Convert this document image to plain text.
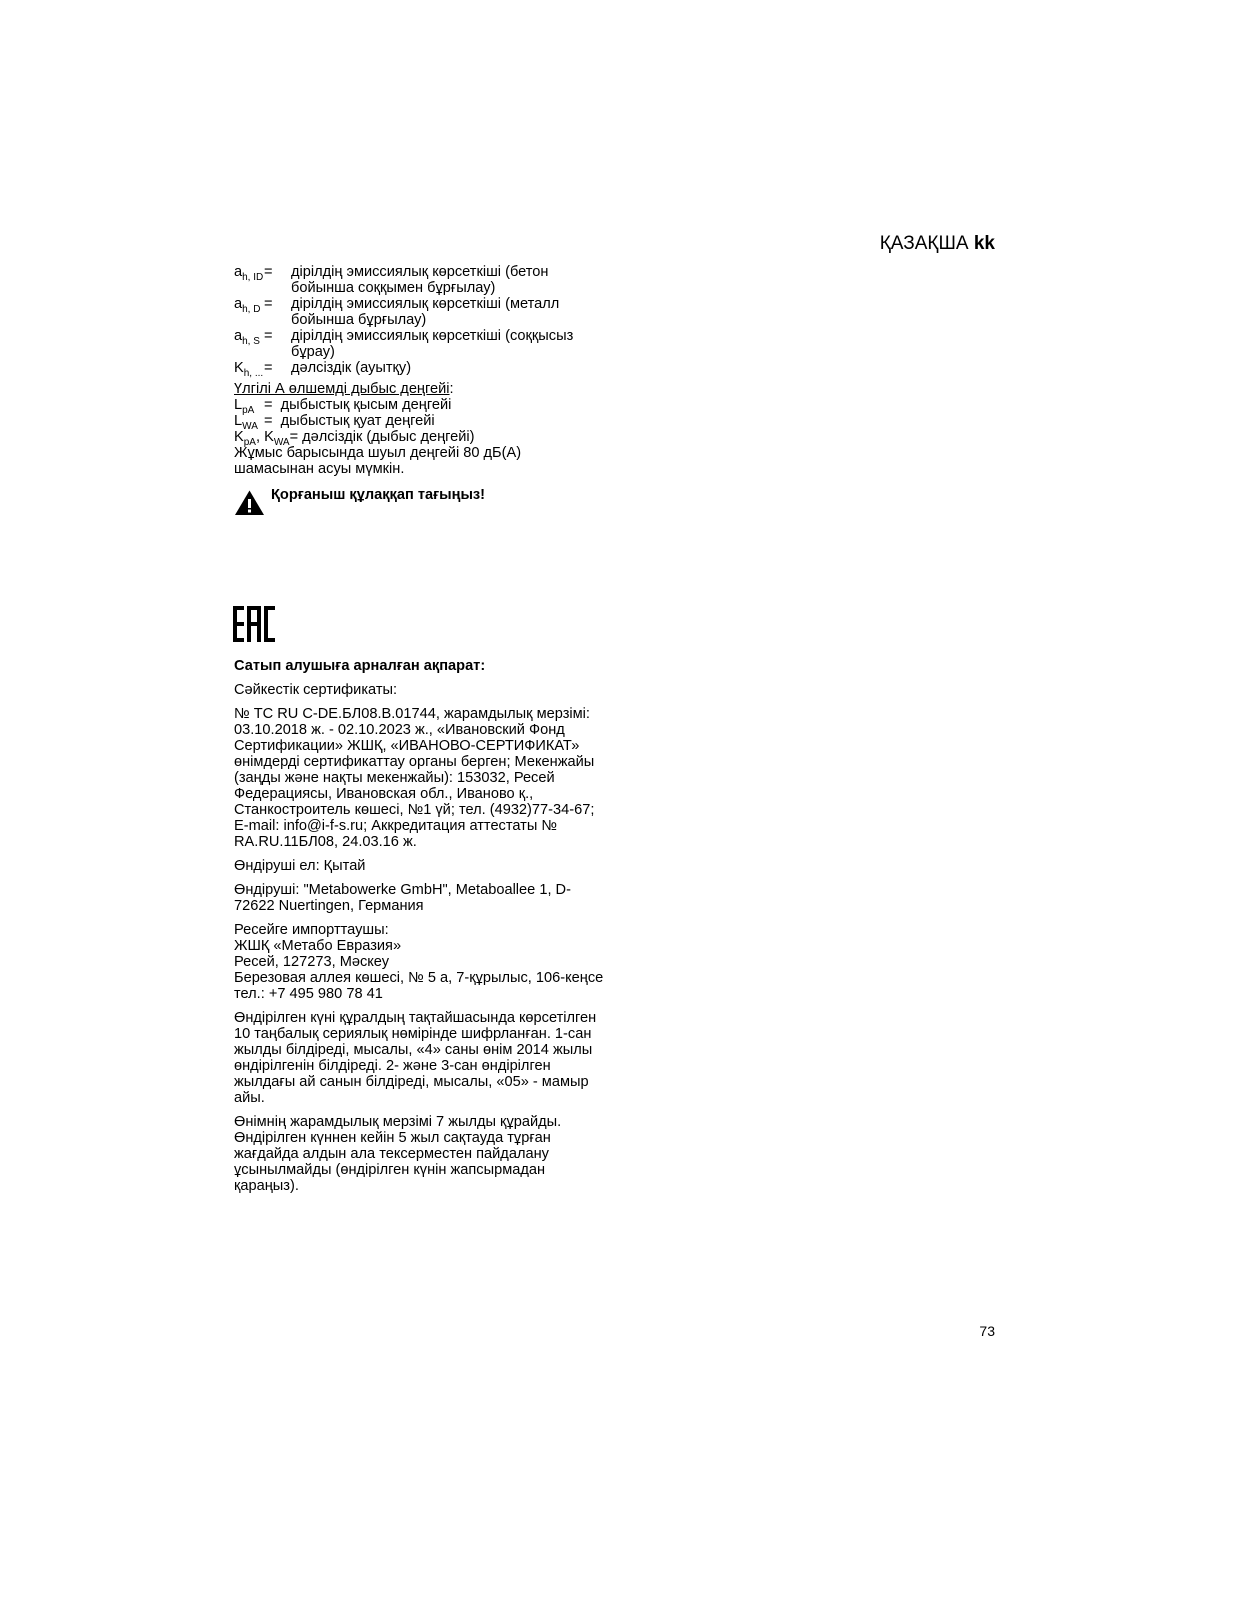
ҚАЗАҚША kk
$a_{h, ID}$ = дірілдің эмиссиялық көрсеткіші (бетон бойынша соққымен бұрғылау)
$a_{h, D}$ = дірілдің эмиссиялық көрсеткіші (металл бойынша бұрғылау)
$a_{h, S}$ = дірілдің эмиссиялық көрсеткіші (соққысыз бұрау)
$K_{h, ...}$ = дәлсіздік (ауытқу)
Үлгілі А өлшемді дыбыс деңгейі:
$L_{pA}$ =  дыбыстық қысым деңгейі
$L_{WA}$ =  дыбыстық қуат деңгейі
$K_{pA}$, $K_{WA}=$ дәлсіздік (дыбыс деңгейі)
Жұмыс барысында шуыл деңгейі 80 дБ(А) шамасынан асуы мүмкін.
Қорғаныш құлаққап тағыңыз!

Сатып алушыға арналған ақпарат:

Сәйкестік сертификаты:

№ ТС RU C-DE.БЛ08.В.01744, жарамдылық мерзімі: 03.10.2018 ж. - 02.10.2023 ж., «Ивановский Фонд Сертификации» ЖШҚ, «ИВАНОВО-СЕРТИФИКАТ» өнімдерді сертификаттау органы берген; Мекенжайы (заңды және нақты мекенжайы): 153032, Ресей Федерациясы, Ивановская обл., Иваново қ., Станкостроитель көшесі, №1 үй; тел. (4932)77-34-67; E-mail: info@i-f-s.ru; Аккредитация аттестаты № RA.RU.11БЛ08, 24.03.16 ж.

Өндіруші ел: Қытай

Өндіруші: "Metabowerke GmbH", Metaboallee 1, D-72622 Nuertingen, Германия

Ресейге импорттаушы:
ЖШҚ «Метабо Евразия»
Ресей, 127273, Мәскеу
Березовая аллея көшесі, № 5 а, 7-құрылыс, 106-кеңсе
тел.: +7 495 980 78 41

Өндірілген күні құралдың тақтайшасында көрсетілген 10 таңбалық сериялық нөмірінде шифрланған. 1-сан жылды білдіреді, мысалы, «4» саны өнім 2014 жылы өндірілгенін білдіреді. 2- және 3-сан өндірілген жылдағы ай санын білдіреді, мысалы, «05» - мамыр айы.

Өнімнің жарамдылық мерзімі 7 жылды құрайды. Өндірілген күннен кейін 5 жыл сақтауда тұрған жағдайда алдын ала тексерместен пайдалану ұсынылмайды (өндірілген күнін жапсырмадан қараңыз).

73
